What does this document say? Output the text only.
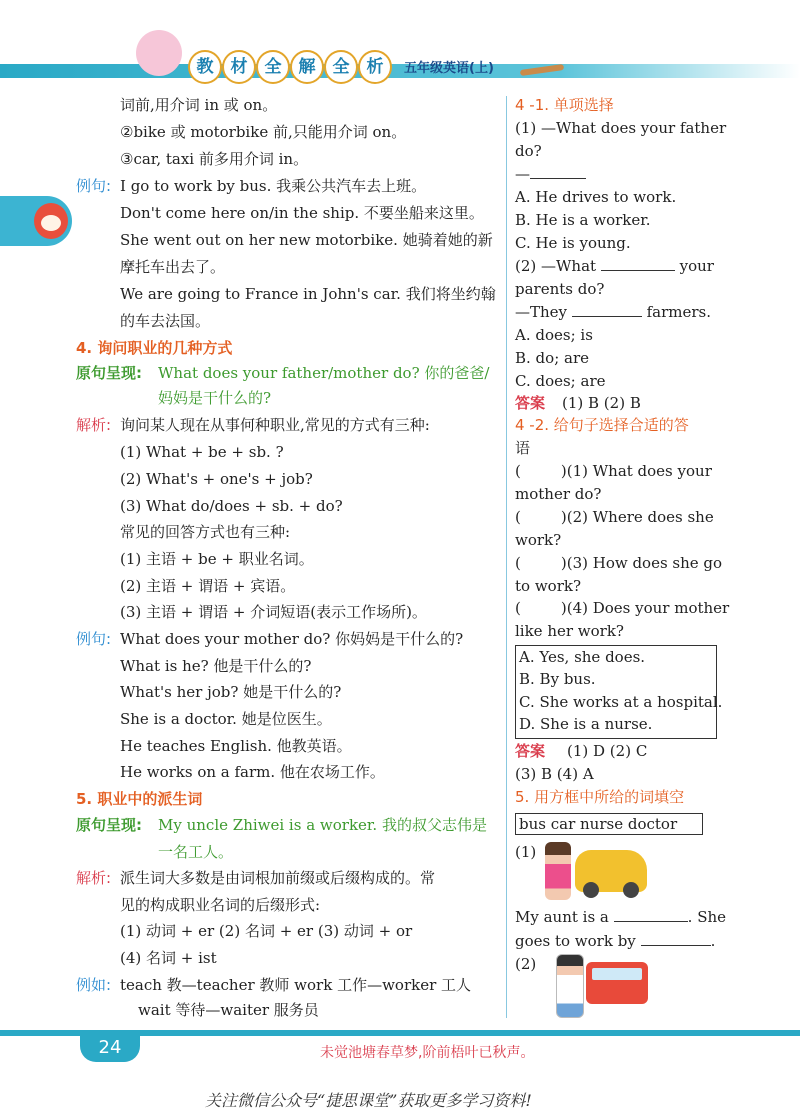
教	材	全	解	全	析	五年级英语(上)
词前,用介词 in 或 on。
②bike 或 motorbike 前,只能用介词 on。
③car, taxi 前多用介词 in。
例句: I go to work by bus. 我乘公共汽车去上班。
Don't come here on/in the ship. 不要坐船来这里。
She went out on her new motorbike. 她骑着她的新
摩托车出去了。
We are going to France in John's car. 我们将坐约翰
的车去法国。
4. 询问职业的几种方式
原句呈现: What does your father/mother do? 你的爸爸/
妈妈是干什么的?
解析: 询问某人现在从事何种职业,常见的方式有三种:
(1) What + be + sb. ?
(2) What's + one's + job?
(3) What do/does + sb. + do?
常见的回答方式也有三种:
(1) 主语 + be + 职业名词。
(2) 主语 + 谓语 + 宾语。
(3) 主语 + 谓语 + 介词短语(表示工作场所)。
例句: What does your mother do? 你妈妈是干什么的?
What is he? 他是干什么的?
What's her job? 她是干什么的?
She is a doctor. 她是位医生。
He teaches English. 他教英语。
He works on a farm. 他在农场工作。
5. 职业中的派生词
原句呈现: My uncle Zhiwei is a worker. 我的叔父志伟是
一名工人。
解析: 派生词大多数是由词根加前缀或后缀构成的。常
见的构成职业名词的后缀形式:
(1) 动词 + er (2) 名词 + er (3) 动词 + or
(4) 名词 + ist
例如: teach 教—teacher 教师 work 工作—worker 工人
wait 等待—waiter 服务员
4 -1. 单项选择
(1) —What does your father
do?
—
A. He drives to work.
B. He is a worker.
C. He is young.
(2) —What	your
parents do?
—They	farmers.
A. does; is
B. do; are
C. does; are
答案 (1) B (2) B
4 -2. 给句子选择合适的答
语
(	)(1) What does your
mother do?
(	)(2) Where does she
work?
(	)(3) How does she go
to work?
(	)(4) Does your mother
like her work?
A. Yes, she does.
B. By bus.
C. She works at a hospital.
D. She is a nurse.
答案 (1) D (2) C
(3) B (4) A
5. 用方框中所给的词填空
bus car nurse doctor
(1)
My aunt is a	. She
goes to work by	.
(2)
24	未觉池塘春草梦,阶前梧叶已秋声。
关注微信公众号“捷思课堂”获取更多学习资料!
